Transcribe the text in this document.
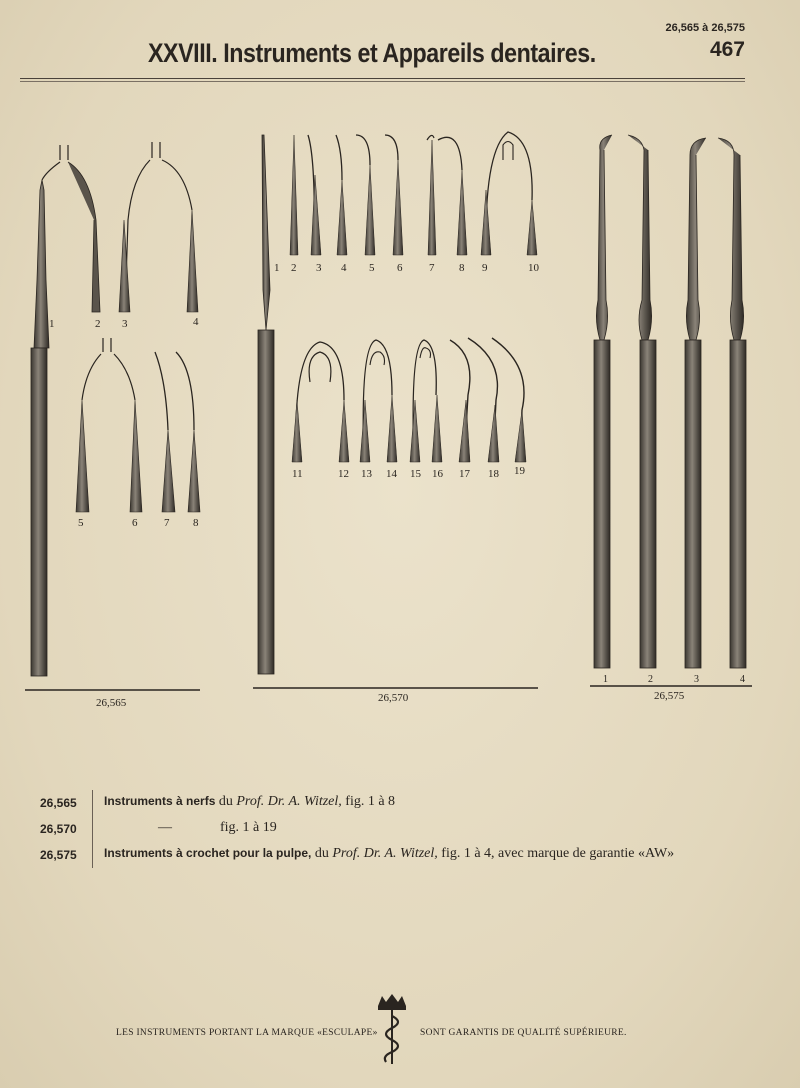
26,565 à 26,575
467
XXVIII. Instruments et Appareils dentaires.
1	2 3	4
5	6 7 8
26,565
1 2 3 4 5 6 7 8 9	10
11	12 13 14 15 16 17 18 19
26,570
1	2	3	4
26,575
26,565	Instruments à nerfs du Prof. Dr. A. Witzel, fig. 1 à 8
26,570	—	fig. 1 à 19
26,575	Instruments à crochet pour la pulpe, du Prof. Dr. A. Witzel, fig. 1 à 4, avec marque de garantie «AW»
LES INSTRUMENTS PORTANT LA MARQUE «ESCULAPE»	SONT GARANTIS DE QUALITÉ SUPÉRIEURE.
